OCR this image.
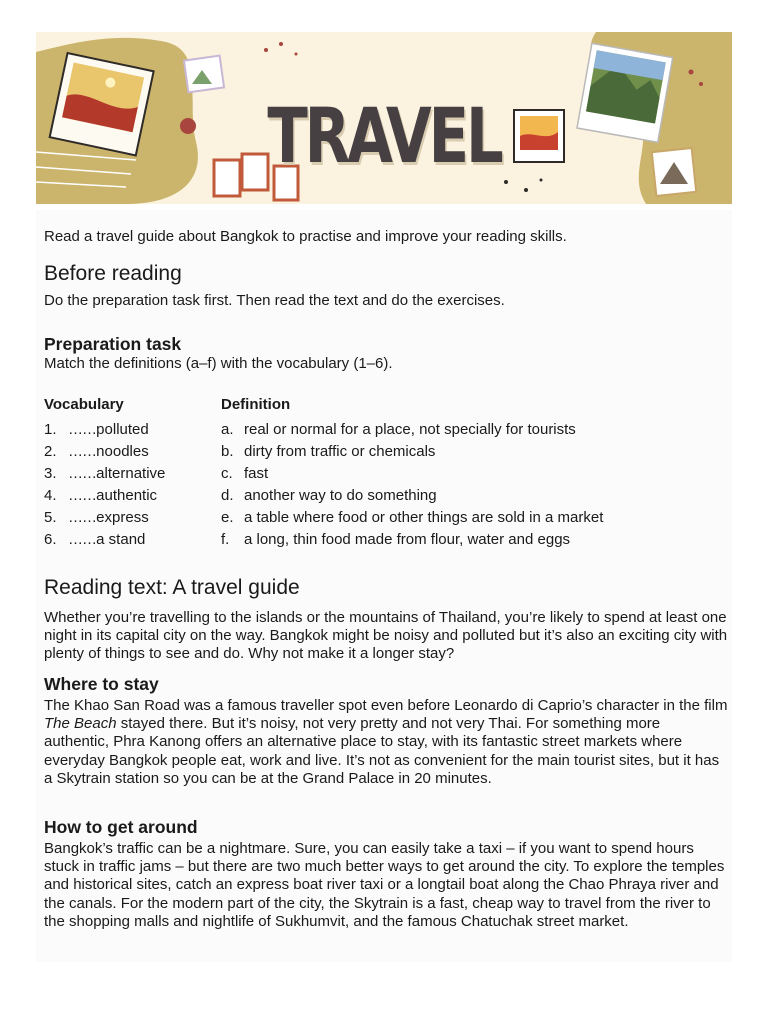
TRAVEL
Read a travel guide about Bangkok to practise and improve your reading skills.
Before reading
Do the preparation task first. Then read the text and do the exercises.
Preparation task
Match the definitions (a–f) with the vocabulary (1–6).
Vocabulary	Definition
1. …… polluted
2. …… noodles
3. …… alternative
4. …… authentic
5. …… express
6. …… a stand
a. real or normal for a place, not specially for tourists
b. dirty from traffic or chemicals
c. fast
d. another way to do something
e. a table where food or other things are sold in a market
f. a long, thin food made from flour, water and eggs
Reading text: A travel guide
Whether you’re travelling to the islands or the mountains of Thailand, you’re likely to spend at least one night in its capital city on the way. Bangkok might be noisy and polluted but it’s also an exciting city with plenty of things to see and do. Why not make it a longer stay?
Where to stay
The Khao San Road was a famous traveller spot even before Leonardo di Caprio’s character in the film The Beach stayed there. But it’s noisy, not very pretty and not very Thai. For something more authentic, Phra Kanong offers an alternative place to stay, with its fantastic street markets where everyday Bangkok people eat, work and live. It’s not as convenient for the main tourist sites, but it has a Skytrain station so you can be at the Grand Palace in 20 minutes.
How to get around
Bangkok’s traffic can be a nightmare. Sure, you can easily take a taxi – if you want to spend hours stuck in traffic jams – but there are two much better ways to get around the city. To explore the temples and historical sites, catch an express boat river taxi or a longtail boat along the Chao Phraya river and the canals. For the modern part of the city, the Skytrain is a fast, cheap way to travel from the river to the shopping malls and nightlife of Sukhumvit, and the famous Chatuchak street market.
